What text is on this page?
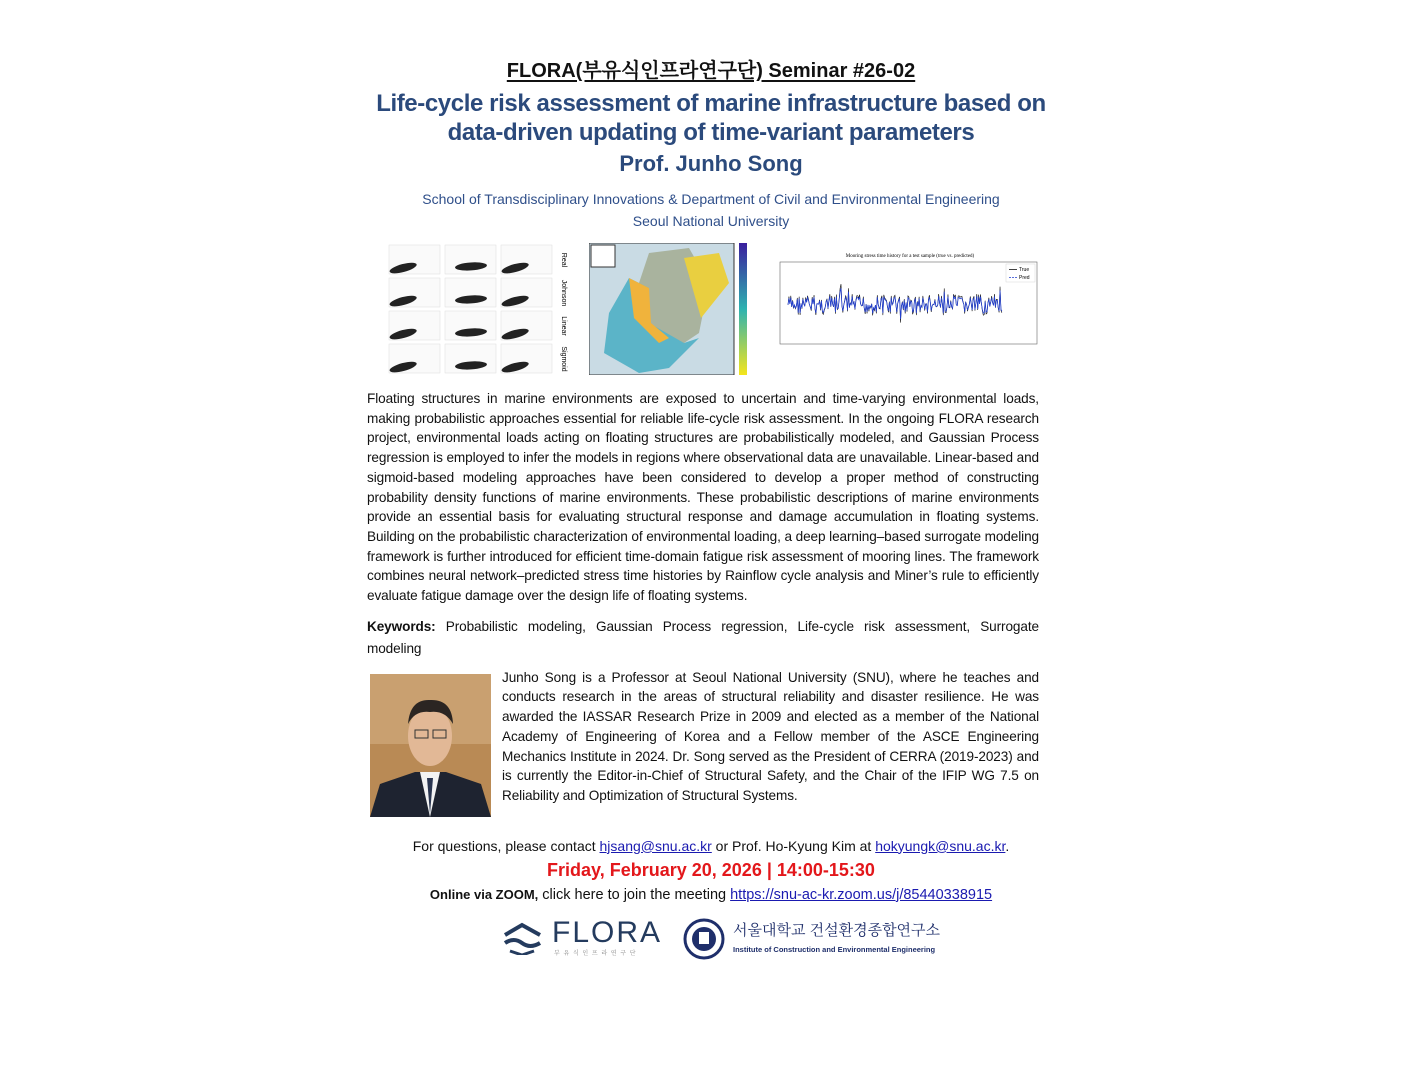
FLORA(부유식인프라연구단) Seminar #26-02
Life-cycle risk assessment of marine infrastructure based on
data-driven updating of time-variant parameters
Prof. Junho Song
School of Transdisciplinary Innovations & Department of Civil and Environmental Engineering
Seoul National University
Real
Johnson
Linear
Sigmoid
Mooring stress time history for a test sample (true vs. predicted)
True
Pred
Floating structures in marine environments are exposed to uncertain and time-varying environmental loads, making probabilistic approaches essential for reliable life-cycle risk assessment. In the ongoing FLORA research project, environmental loads acting on floating structures are probabilistically modeled, and Gaussian Process regression is employed to infer the models in regions where observational data are unavailable. Linear-based and sigmoid-based modeling approaches have been considered to develop a proper method of constructing probability density functions of marine environments. These probabilistic descriptions of marine environments provide an essential basis for evaluating structural response and damage accumulation in floating systems. Building on the probabilistic characterization of environmental loading, a deep learning–based surrogate modeling framework is further introduced for efficient time-domain fatigue risk assessment of mooring lines. The framework combines neural network–predicted stress time histories by Rainflow cycle analysis and Miner’s rule to efficiently evaluate fatigue damage over the design life of floating systems.
Keywords: Probabilistic modeling, Gaussian Process regression, Life-cycle risk assessment, Surrogate modeling
Junho Song is a Professor at Seoul National University (SNU), where he teaches and conducts research in the areas of structural reliability and disaster resilience. He was awarded the IASSAR Research Prize in 2009 and elected as a member of the National Academy of Engineering of Korea and a Fellow member of the ASCE Engineering Mechanics Institute in 2024. Dr. Song served as the President of CERRA (2019-2023) and is currently the Editor-in-Chief of Structural Safety, and the Chair of the IFIP WG 7.5 on Reliability and Optimization of Structural Systems.
For questions, please contact hjsang@snu.ac.kr or Prof. Ho-Kyung Kim at hokyungk@snu.ac.kr.
Friday, February 20, 2026 | 14:00-15:30
Online via ZOOM, click here to join the meeting https://snu-ac-kr.zoom.us/j/85440338915
FLORA
부 유 식 인 프 라 연 구 단
서울대학교 건설환경종합연구소
Institute of Construction and Environmental Engineering
